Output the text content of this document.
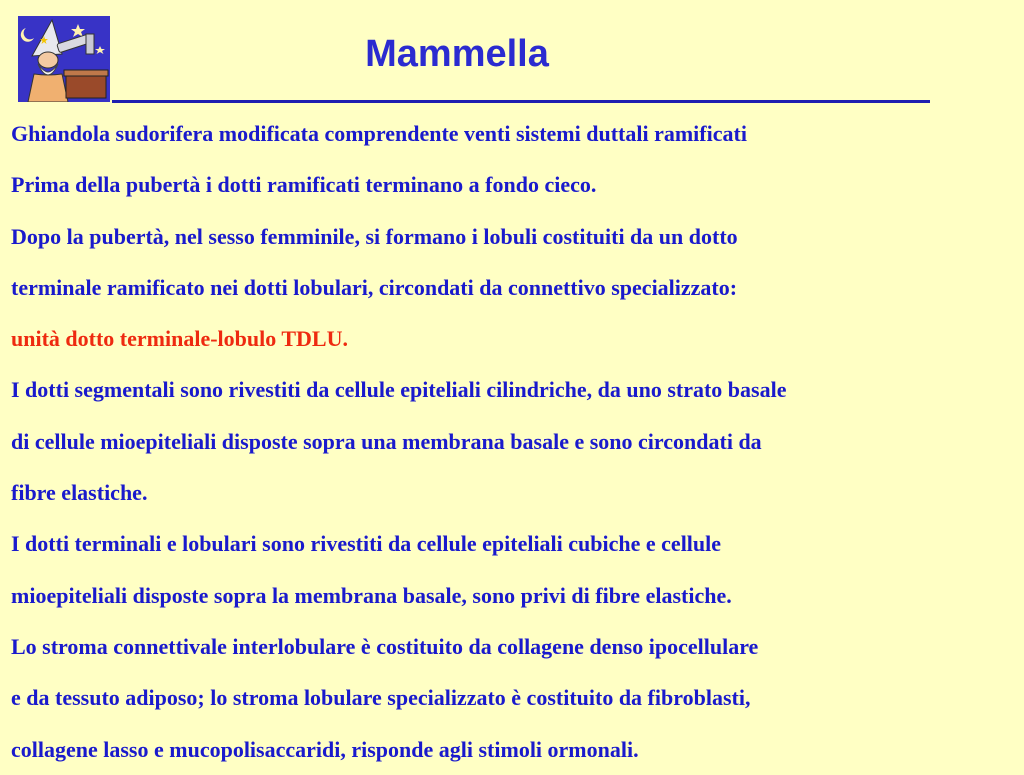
Mammella
Ghiandola sudorifera modificata comprendente venti sistemi duttali ramificati
Prima della pubertà i dotti ramificati terminano a fondo cieco.
Dopo la pubertà, nel sesso femminile, si formano i lobuli costituiti da un dotto
terminale ramificato nei dotti lobulari, circondati da connettivo specializzato:
unità dotto terminale-lobulo TDLU.
I dotti segmentali sono rivestiti da cellule epiteliali cilindriche, da uno strato basale
di cellule mioepiteliali disposte sopra una membrana basale e sono circondati da
fibre elastiche.
I dotti terminali e lobulari sono rivestiti da cellule epiteliali cubiche e cellule
mioepiteliali disposte sopra la membrana basale, sono privi di fibre elastiche.
Lo stroma connettivale interlobulare è costituito da collagene denso ipocellulare
e da tessuto adiposo; lo stroma lobulare specializzato è costituito da fibroblasti,
collagene lasso e mucopolisaccaridi, risponde agli stimoli ormonali.
